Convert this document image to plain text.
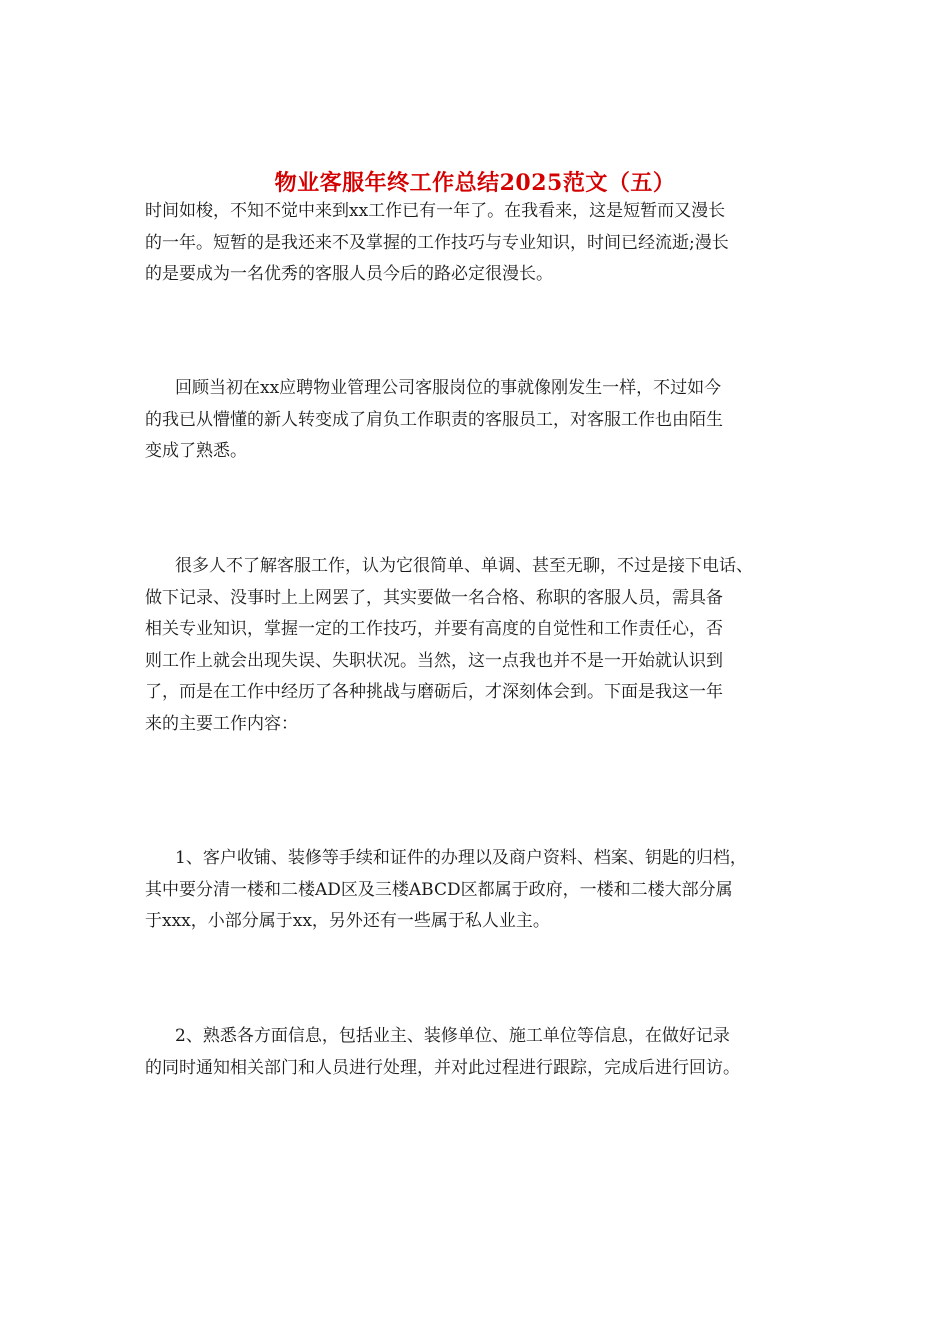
物业客服年终工作总结2025范文（五）

时间如梭，不知不觉中来到xx工作已有一年了。在我看来，这是短暂而又漫长
的一年。短暂的是我还来不及掌握的工作技巧与专业知识，时间已经流逝;漫长
的是要成为一名优秀的客服人员今后的路必定很漫长。

回顾当初在xx应聘物业管理公司客服岗位的事就像刚发生一样，不过如今
的我已从懵懂的新人转变成了肩负工作职责的客服员工，对客服工作也由陌生
变成了熟悉。

很多人不了解客服工作，认为它很简单、单调、甚至无聊，不过是接下电话、
做下记录、没事时上上网罢了，其实要做一名合格、称职的客服人员，需具备
相关专业知识，掌握一定的工作技巧，并要有高度的自觉性和工作责任心，否
则工作上就会出现失误、失职状况。当然，这一点我也并不是一开始就认识到
了，而是在工作中经历了各种挑战与磨砺后，才深刻体会到。下面是我这一年
来的主要工作内容：

1、客户收铺、装修等手续和证件的办理以及商户资料、档案、钥匙的归档，
其中要分清一楼和二楼AD区及三楼ABCD区都属于政府，一楼和二楼大部分属
于xxx，小部分属于xx，另外还有一些属于私人业主。

2、熟悉各方面信息，包括业主、装修单位、施工单位等信息，在做好记录
的同时通知相关部门和人员进行处理，并对此过程进行跟踪，完成后进行回访。
